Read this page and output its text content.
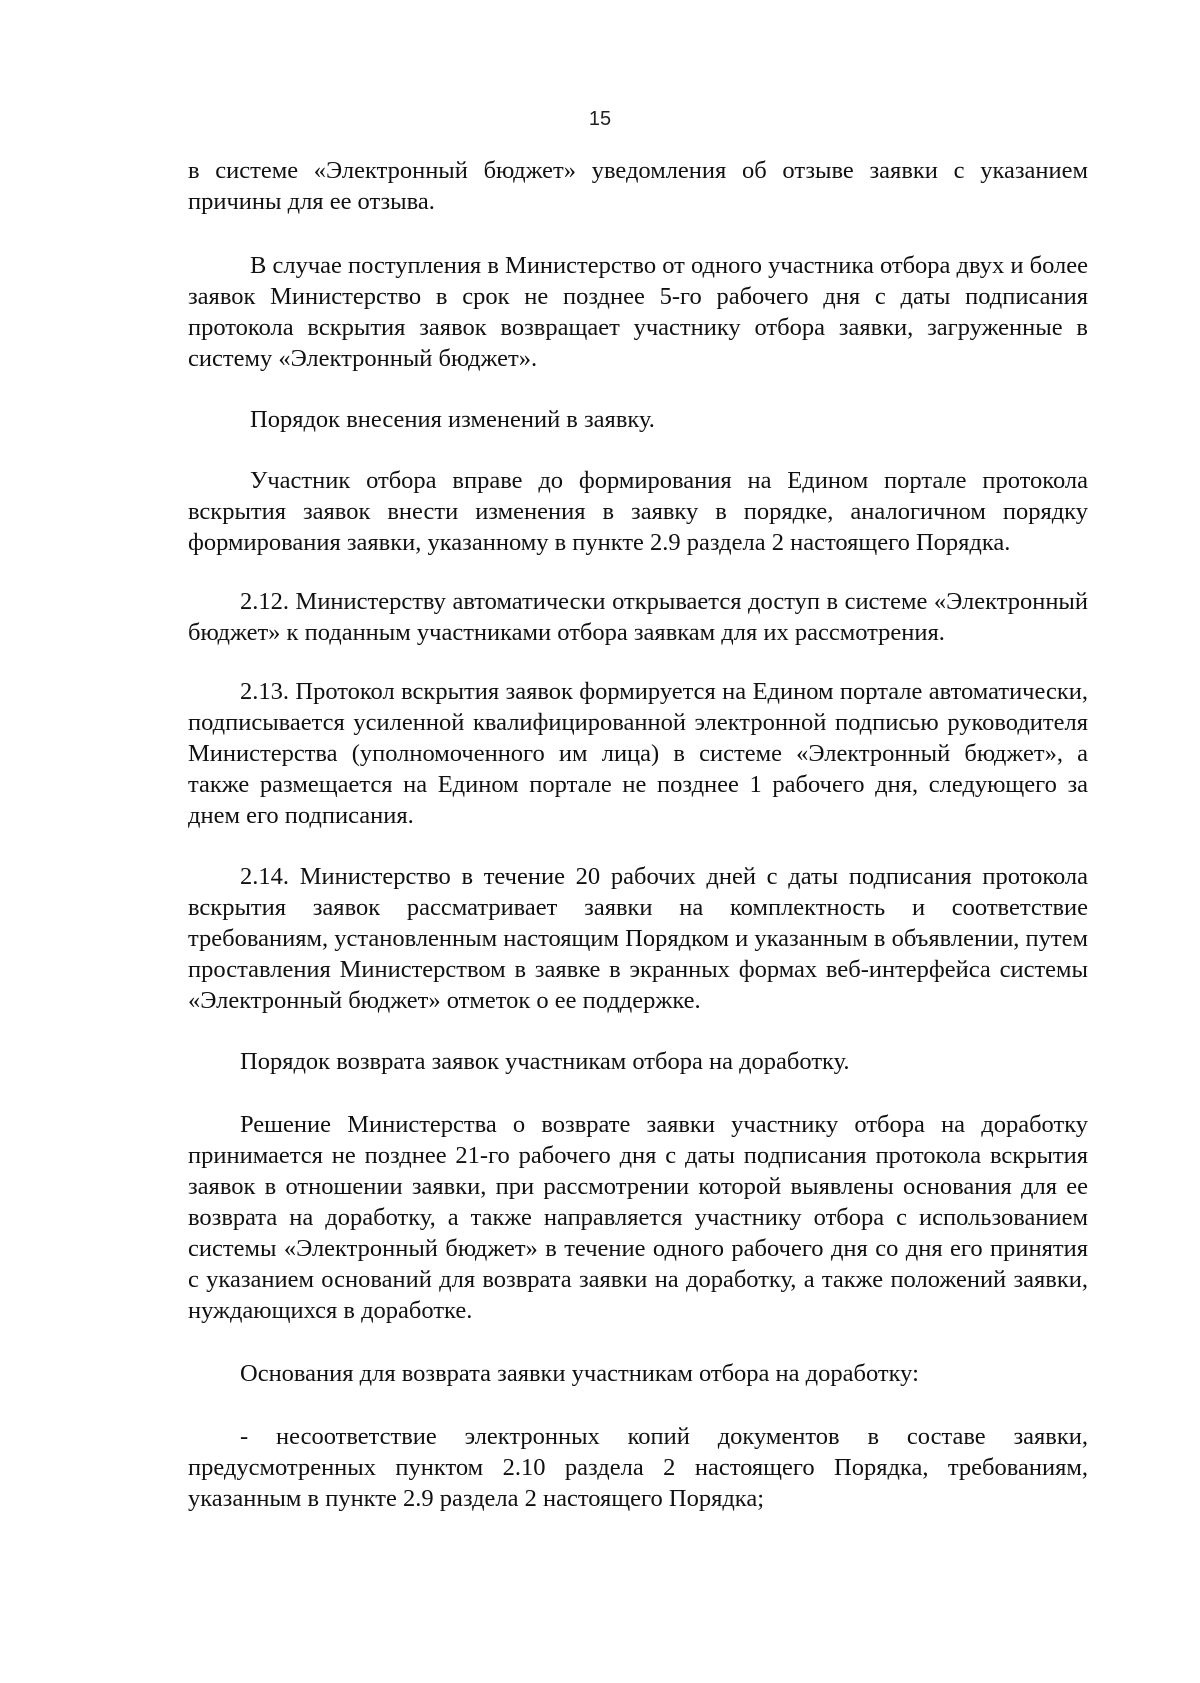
15

в системе «Электронный бюджет» уведомления об отзыве заявки с указанием причины для ее отзыва.

В случае поступления в Министерство от одного участника отбора двух и более заявок Министерство в срок не позднее 5-го рабочего дня с даты подписания протокола вскрытия заявок возвращает участнику отбора заявки, загруженные в систему «Электронный бюджет».

Порядок внесения изменений в заявку.

Участник отбора вправе до формирования на Едином портале протокола вскрытия заявок внести изменения в заявку в порядке, аналогичном порядку формирования заявки, указанному в пункте 2.9 раздела 2 настоящего Порядка.

2.12. Министерству автоматически открывается доступ в системе «Электронный бюджет» к поданным участниками отбора заявкам для их рассмотрения.

2.13. Протокол вскрытия заявок формируется на Едином портале автоматически, подписывается усиленной квалифицированной электронной подписью руководителя Министерства (уполномоченного им лица) в системе «Электронный бюджет», а также размещается на Едином портале не позднее 1 рабочего дня, следующего за днем его подписания.

2.14. Министерство в течение 20 рабочих дней с даты подписания протокола вскрытия заявок рассматривает заявки на комплектность и соответствие требованиям, установленным настоящим Порядком и указанным в объявлении, путем проставления Министерством в заявке в экранных формах веб-интерфейса системы «Электронный бюджет» отметок о ее поддержке.

Порядок возврата заявок участникам отбора на доработку.

Решение Министерства о возврате заявки участнику отбора на доработку принимается не позднее 21-го рабочего дня с даты подписания протокола вскрытия заявок в отношении заявки, при рассмотрении которой выявлены основания для ее возврата на доработку, а также направляется участнику отбора с использованием системы «Электронный бюджет» в течение одного рабочего дня со дня его принятия с указанием оснований для возврата заявки на доработку, а также положений заявки, нуждающихся в доработке.

Основания для возврата заявки участникам отбора на доработку:

- несоответствие электронных копий документов в составе заявки, предусмотренных пунктом 2.10 раздела 2 настоящего Порядка, требованиям, указанным в пункте 2.9 раздела 2 настоящего Порядка;
